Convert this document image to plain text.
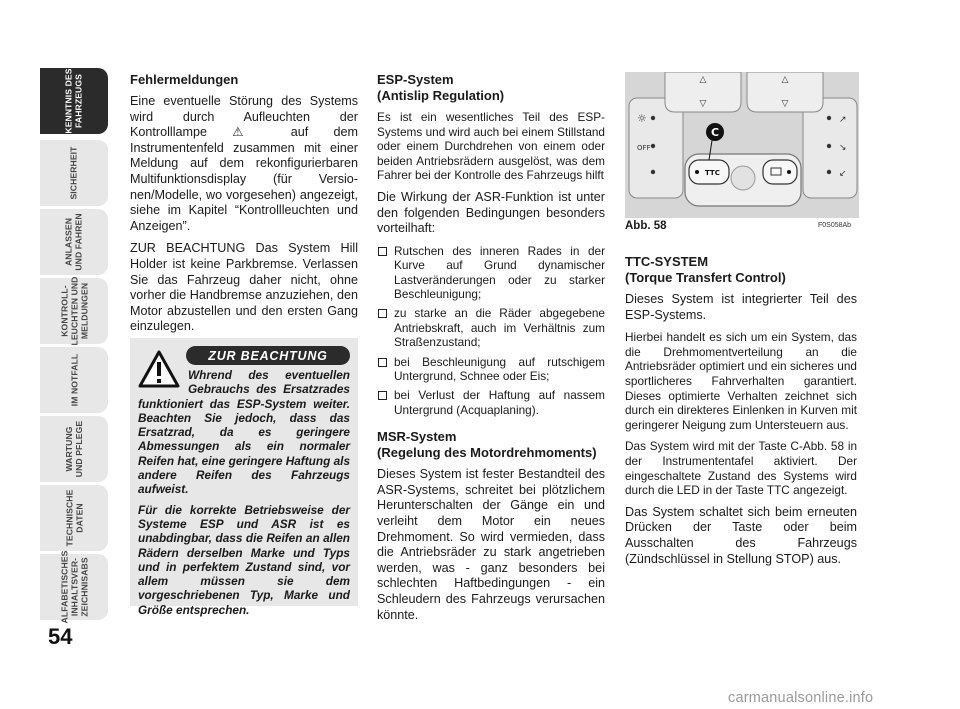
KENNTNIS DES
FAHRZEUGS
SICHERHEIT
ANLASSEN
UND FAHREN
KONTROLL-
LEUCHTEN UND
MELDUNGEN
IM NOTFALL
WARTUNG
UND PFLEGE
TECHNISCHE
DATEN
ALFABETISCHES
INHALTSVER-
ZEICHNISABS
54
Fehlermeldungen

Eine eventuelle Störung des Systems wird durch Aufleuchten der Kontrolllampe ⚠ auf dem Instrumentenfeld zusammen mit einer Meldung auf dem rekonfigurierbaren Multifunktionsdisplay (für Versio-nen/Modelle, wo vorgesehen) angezeigt, siehe im Kapitel “Kontrollleuchten und Anzeigen”.

ZUR BEACHTUNG Das System Hill Holder ist keine Parkbremse. Verlassen Sie das Fahrzeug daher nicht, ohne vorher die Handbremse anzuziehen, den Motor abzustellen und den ersten Gang einzulegen.

ZUR BEACHTUNG

Whrend des eventuellen Gebrauchs des Ersatzrades funktioniert das ESP-System weiter. Beachten Sie jedoch, dass das Ersatzrad, da es geringere Abmessungen als ein normaler Reifen hat, eine geringere Haftung als andere Reifen des Fahrzeugs aufweist.

Für die korrekte Betriebsweise der Systeme ESP und ASR ist es unabdingbar, dass die Reifen an allen Rädern derselben Marke und Typs und in perfektem Zustand sind, vor allem müssen sie dem vorgeschriebenen Typ, Marke und Größe entsprechen.

ESP-System
(Antislip Regulation)

Es ist ein wesentliches Teil des ESP-Systems und wird auch bei einem Stillstand oder einem Durchdrehen von einem oder beiden Antriebsrädern ausgelöst, was dem Fahrer bei der Kontrolle des Fahrzeugs hilft

Die Wirkung der ASR-Funktion ist unter den folgenden Bedingungen besonders vorteilhaft:

Rutschen des inneren Rades in der Kurve auf Grund dynamischer Lastveränderungen oder zu starker Beschleunigung;
zu starke an die Räder abgegebene Antriebskraft, auch im Verhältnis zum Straßenzustand;
bei Beschleunigung auf rutschigem Untergrund, Schnee oder Eis;
bei Verlust der Haftung auf nassem Untergrund (Acquaplaning).
MSR-System
(Regelung des Motordrehmoments)

Dieses System ist fester Bestandteil des ASR-Systems, schreitet bei plötzlichem Herunterschalten der Gänge ein und verleiht dem Motor ein neues Drehmoment. So wird vermieden, dass die Antriebsräder zu stark angetrieben werden, was - ganz besonders bei schlechten Haftbedingungen - ein Schleudern des Fahrzeugs verursachen könnte.

△
▽
△
▽
☼	↗
↘
↙
OFF
TTC
C
Abb. 58	F0S058Ab
TTC-SYSTEM
(Torque Transfert Control)

Dieses System ist integrierter Teil des ESP-Systems.

Hierbei handelt es sich um ein System, das die Drehmomentverteilung an die Antriebsräder optimiert und ein sicheres und sportlicheres Fahrverhalten garantiert. Dieses optimierte Verhalten zeichnet sich durch ein direkteres Einlenken in Kurven mit geringerer Neigung zum Untersteuern aus.

Das System wird mit der Taste C-Abb. 58 in der Instrumententafel aktiviert. Der eingeschaltete Zustand des Systems wird durch die LED in der Taste TTC angezeigt.

Das System schaltet sich beim erneuten Drücken der Taste oder beim Ausschalten des Fahrzeugs (Zündschlüssel in Stellung STOP) aus.

carmanualsonline.info
